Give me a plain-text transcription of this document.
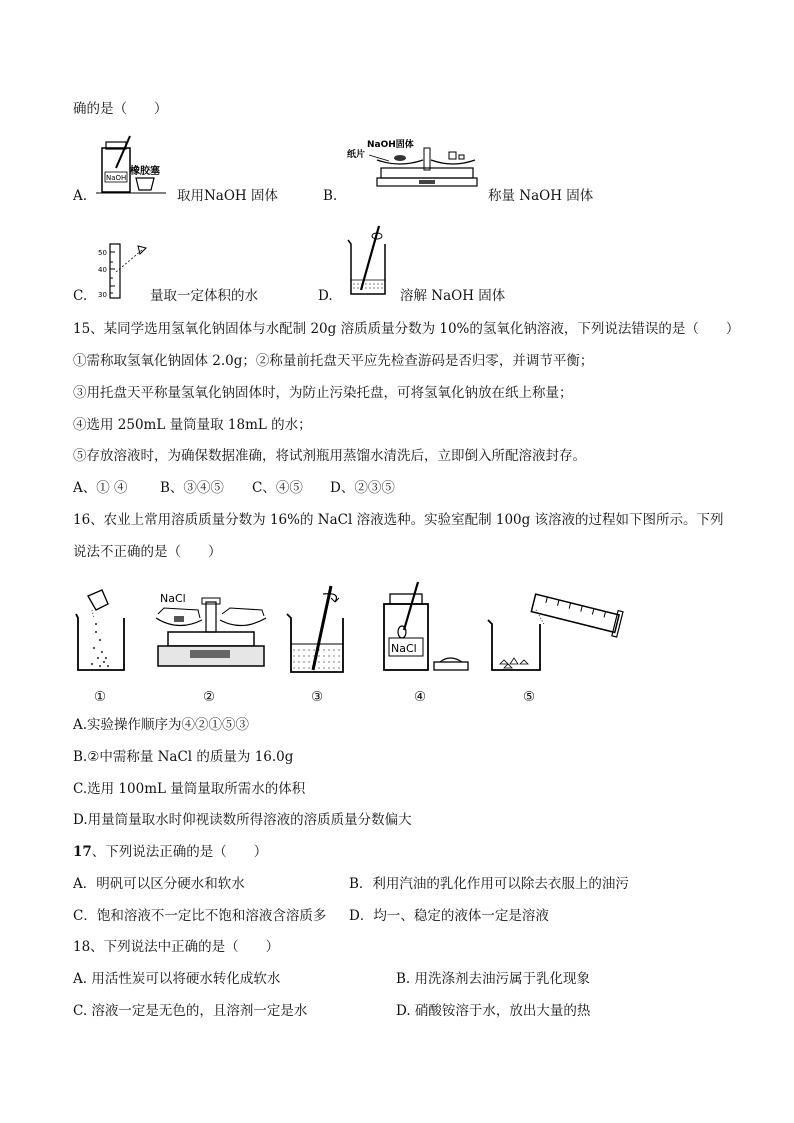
确的是（　　）
A.
NaOH
橡胶塞
取用NaOH 固体	B.
NaOH固体
纸片
称量 NaOH 固体
C.
50
40
30	量取一定体积的水	D.	溶解 NaOH 固体
15、某同学选用氢氧化钠固体与水配制 20g 溶质质量分数为 10%的氢氧化钠溶液，下列说法错误的是（　　）
①需称取氢氧化钠固体 2.0g；②称量前托盘天平应先检查游码是否归零，并调节平衡；
③用托盘天平称量氢氧化钠固体时，为防止污染托盘，可将氢氧化钠放在纸上称量；
④选用 250mL 量筒量取 18mL 的水；
⑤存放溶液时，为确保数据准确，将试剂瓶用蒸馏水清洗后，立即倒入所配溶液封存。
A、① ④ B、③④⑤ C、④⑤ D、②③⑤
16、农业上常用溶质质量分数为 16%的 NaCl 溶液选种。实验室配制 100g 该溶液的过程如下图所示。下列
说法不正确的是（　　）
①
NaCl
②	③
NaCl
④	⑤
A.实验操作顺序为④②①⑤③
B.②中需称量 NaCl 的质量为 16.0g
C.选用 100mL 量筒量取所需水的体积
D.用量筒量取水时仰视读数所得溶液的溶质质量分数偏大
17、下列说法正确的是（　　）
A．明矾可以区分硬水和软水	B．利用汽油的乳化作用可以除去衣服上的油污
C．饱和溶液不一定比不饱和溶液含溶质多 D．均一、稳定的液体一定是溶液
18、下列说法中正确的是（　　）
A. 用活性炭可以将硬水转化成软水	B. 用洗涤剂去油污属于乳化现象
C. 溶液一定是无色的，且溶剂一定是水	D. 硝酸铵溶于水，放出大量的热
